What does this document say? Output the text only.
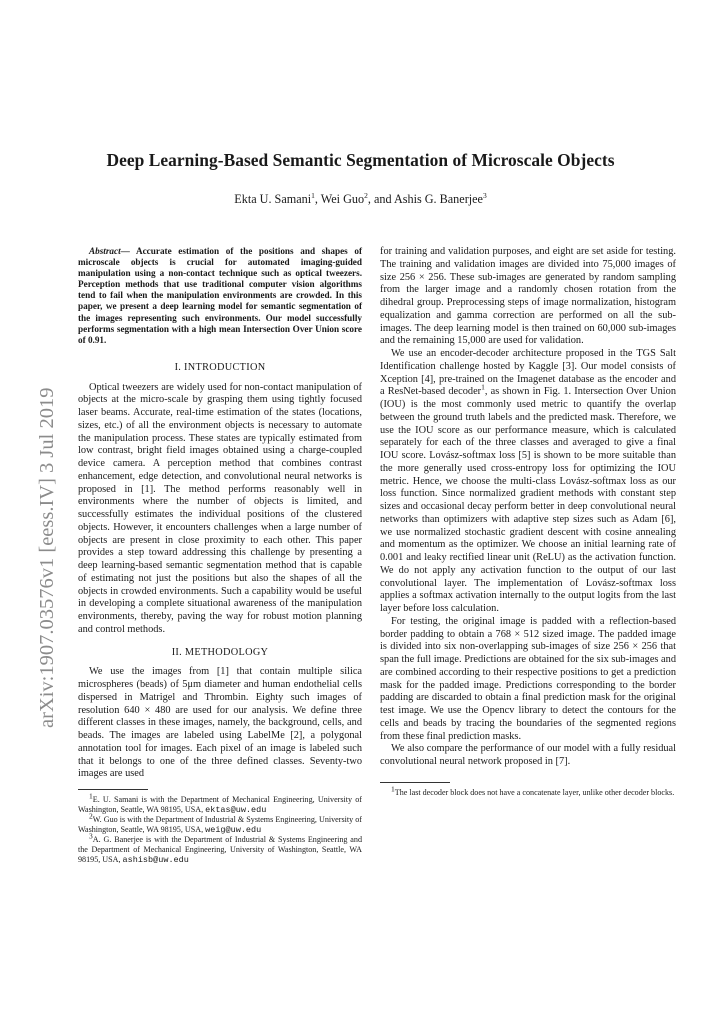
Deep Learning-Based Semantic Segmentation of Microscale Objects
Ekta U. Samani$^1$, Wei Guo$^2$, and Ashis G. Banerjee$^3$
arXiv:1907.03576v1 [eess.IV] 3 Jul 2019

Abstract— Accurate estimation of the positions and shapes of microscale objects is crucial for automated imaging-guided manipulation using a non-contact technique such as optical tweezers. Perception methods that use traditional computer vision algorithms tend to fail when the manipulation environments are crowded. In this paper, we present a deep learning model for semantic segmentation of the images representing such environments. Our model successfully performs segmentation with a high mean Intersection Over Union score of 0.91.

I. INTRODUCTION

Optical tweezers are widely used for non-contact manipulation of objects at the micro-scale by grasping them using tightly focused laser beams. Accurate, real-time estimation of the states (locations, sizes, etc.) of all the environment objects is necessary to automate the manipulation process. These states are typically estimated from low contrast, bright field images obtained using a charge-coupled device camera. A perception method that combines contrast enhancement, edge detection, and convolutional neural networks is proposed in [1]. The method performs reasonably well in environments where the number of objects is limited, and successfully estimates the individual positions of the clustered objects. However, it encounters challenges when a large number of objects are present in close proximity to each other. This paper provides a step toward addressing this challenge by presenting a deep learning-based semantic segmentation method that is capable of estimating not just the positions but also the shapes of all the objects in crowded environments. Such a capability would be useful in developing a complete situational awareness of the manipulation environments, thereby, paving the way for robust motion planning and control methods.

II. METHODOLOGY

We use the images from [1] that contain multiple silica microspheres (beads) of 5μm diameter and human endothelial cells dispersed in Matrigel and Thrombin. Eighty such images of resolution 640 × 480 are used for our analysis. We define three different classes in these images, namely, the background, cells, and beads. The images are labeled using LabelMe [2], a polygonal annotation tool for images. Each pixel of an image is labeled such that it belongs to one of the three defined classes. Seventy-two images are used

$^1$E. U. Samani is with the Department of Mechanical Engineering, University of Washington, Seattle, WA 98195, USA, ektas@uw.edu

$^2$W. Guo is with the Department of Industrial & Systems Engineering, University of Washington, Seattle, WA 98195, USA, weig@uw.edu

$^3$A. G. Banerjee is with the Department of Industrial & Systems Engineering and the Department of Mechanical Engineering, University of Washington, Seattle, WA 98195, USA, ashisb@uw.edu

for training and validation purposes, and eight are set aside for testing. The training and validation images are divided into 75,000 images of size 256 × 256. These sub-images are generated by random sampling from the larger image and a randomly chosen rotation from the dihedral group. Preprocessing steps of image normalization, histogram equalization and gamma correction are performed on all the sub-images. The deep learning model is then trained on 60,000 sub-images and the remaining 15,000 are used for validation.

We use an encoder-decoder architecture proposed in the TGS Salt Identification challenge hosted by Kaggle [3]. Our model consists of Xception [4], pre-trained on the Imagenet database as the encoder and a ResNet-based decoder$^1$, as shown in Fig. 1. Intersection Over Union (IOU) is the most commonly used metric to quantify the overlap between the ground truth labels and the predicted mask. Therefore, we use the IOU score as our performance measure, which is calculated separately for each of the three classes and averaged to give a final IOU score. Lovász-softmax loss [5] is shown to be more suitable than the more generally used cross-entropy loss for optimizing the IOU metric. Hence, we choose the multi-class Lovász-softmax loss as our loss function. Since normalized gradient methods with constant step sizes and occasional decay perform better in deep convolutional neural networks than optimizers with adaptive step sizes such as Adam [6], we use normalized stochastic gradient descent with cosine annealing and momentum as the optimizer. We choose an initial learning rate of 0.001 and leaky rectified linear unit (ReLU) as the activation function. We do not apply any activation function to the output of our last convolutional layer. The implementation of Lovász-softmax loss applies a softmax activation internally to the output logits from the last layer before loss calculation.

For testing, the original image is padded with a reflection-based border padding to obtain a 768 × 512 sized image. The padded image is divided into six non-overlapping sub-images of size 256 × 256 that span the full image. Predictions are obtained for the six sub-images and are combined according to their respective positions to get a prediction mask for the padded image. Predictions corresponding to the border padding are discarded to obtain a final prediction mask for the original test image. We use the Opencv library to detect the contours for the cells and beads by tracing the boundaries of the segmented regions from these final prediction masks.

We also compare the performance of our model with a fully residual convolutional neural network proposed in [7].

$^1$The last decoder block does not have a concatenate layer, unlike other decoder blocks.
